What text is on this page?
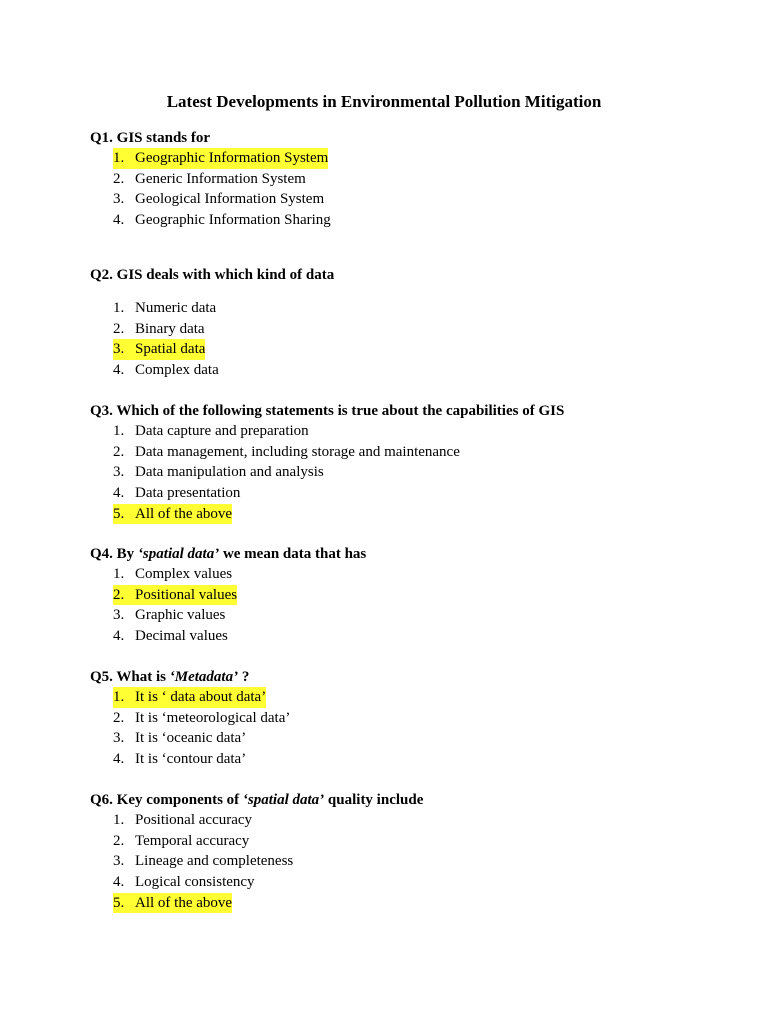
Latest Developments in Environmental Pollution Mitigation
Q1. GIS stands for
1. Geographic Information System
2. Generic Information System
3. Geological Information System
4. Geographic Information Sharing
Q2. GIS deals with which kind of data
1. Numeric data
2. Binary data
3. Spatial data
4. Complex data
Q3. Which of the following statements is true about the capabilities of GIS
1. Data capture and preparation
2. Data management, including storage and maintenance
3. Data manipulation and analysis
4. Data presentation
5. All of the above
Q4. By ‘spatial data’ we mean data that has
1. Complex values
2. Positional values
3. Graphic values
4. Decimal values
Q5. What is ‘Metadata’ ?
1. It is ‘ data about data’
2. It is ‘meteorological data’
3. It is ‘oceanic data’
4. It is ‘contour data’
Q6. Key components of ‘spatial data’ quality include
1. Positional accuracy
2. Temporal accuracy
3. Lineage and completeness
4. Logical consistency
5. All of the above
